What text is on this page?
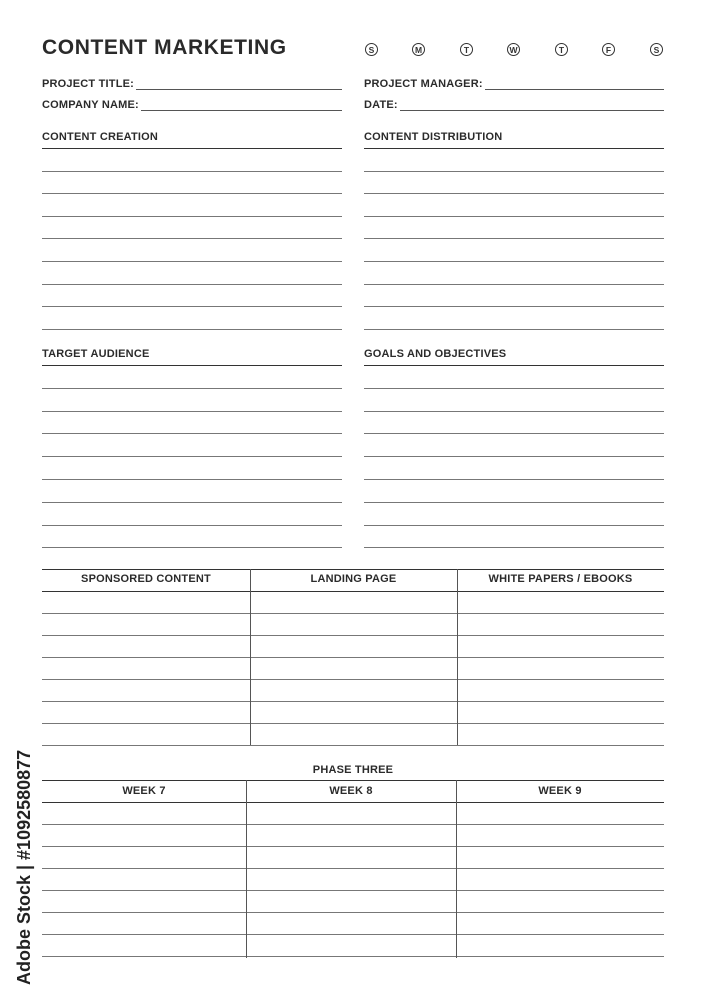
CONTENT MARKETING	S	M	T	W	T	F	S
PROJECT TITLE:
COMPANY NAME:
PROJECT MANAGER:
DATE:
CONTENT CREATION	CONTENT DISTRIBUTION
TARGET AUDIENCE	GOALS AND OBJECTIVES
SPONSORED CONTENT	LANDING PAGE	WHITE PAPERS / EBOOKS
PHASE THREE
WEEK 7	WEEK 8	WEEK 9
Adobe Stock | #1092580877
